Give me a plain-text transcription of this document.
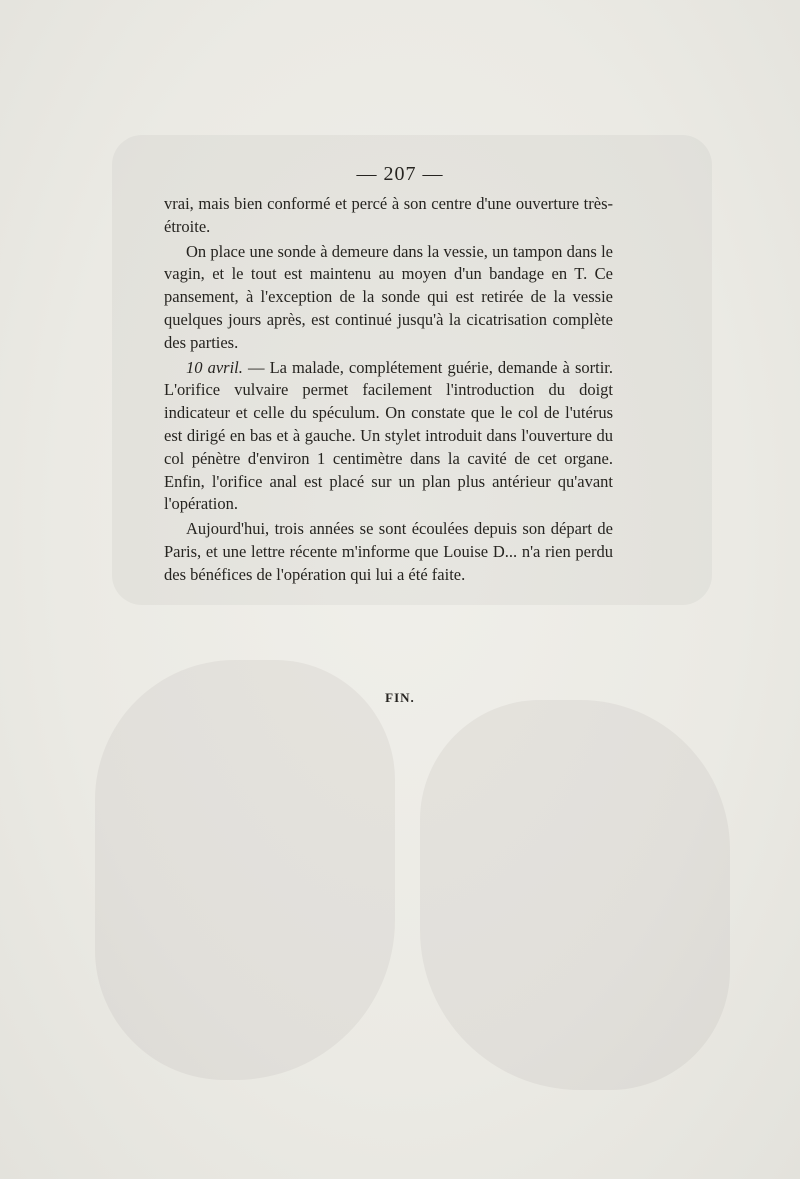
— 207 —

vrai, mais bien conformé et percé à son centre d'une ouverture très-étroite.

On place une sonde à demeure dans la vessie, un tampon dans le vagin, et le tout est maintenu au moyen d'un bandage en T. Ce pansement, à l'exception de la sonde qui est retirée de la vessie quelques jours après, est continué jusqu'à la cicatrisation complète des parties.

10 avril. — La malade, complétement guérie, demande à sortir. L'orifice vulvaire permet facilement l'introduction du doigt indicateur et celle du spéculum. On constate que le col de l'utérus est dirigé en bas et à gauche. Un stylet introduit dans l'ouverture du col pénètre d'environ 1 centimètre dans la cavité de cet organe. Enfin, l'orifice anal est placé sur un plan plus antérieur qu'avant l'opération.

Aujourd'hui, trois années se sont écoulées depuis son départ de Paris, et une lettre récente m'informe que Louise D... n'a rien perdu des bénéfices de l'opération qui lui a été faite.

FIN.
